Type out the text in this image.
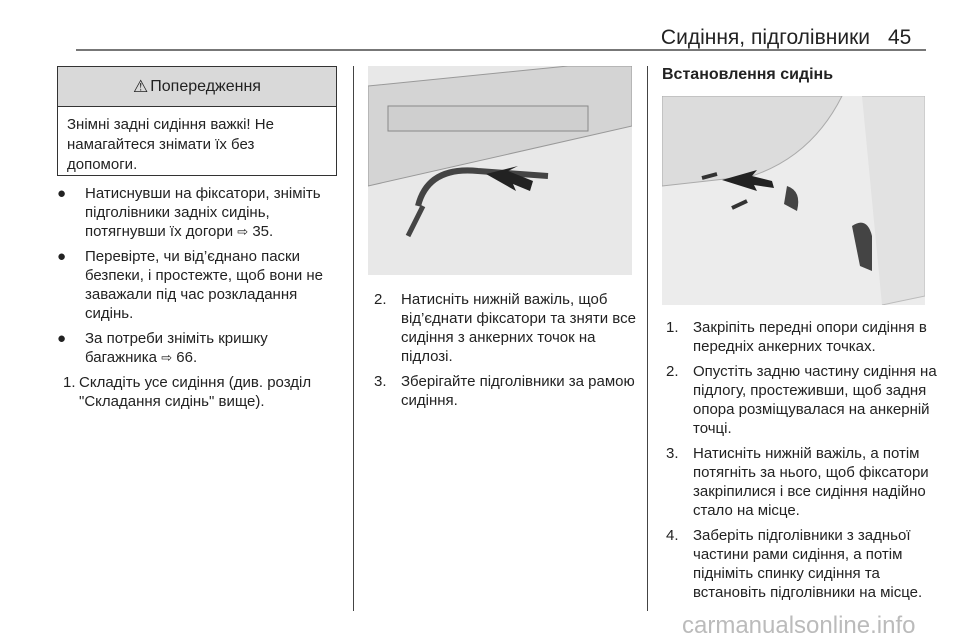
Сидіння, підголівники 45
⚠ Попередження
Знімні задні сидіння важкі! Не намагайтеся знімати їх без допомоги.
● Натиснувши на фіксатори, зніміть підголівники задніх сидінь, потягнувши їх догори ⇨ 35.
● Перевірте, чи від’єднано паски безпеки, і простежте, щоб вони не заважали під час розкладання сидінь.
● За потреби зніміть кришку багажника ⇨ 66.
1. Складіть усе сидіння (див. розділ "Складання сидінь" вище).
2. Натисніть нижній важіль, щоб від’єднати фіксатори та зняти все сидіння з анкерних точок на підлозі.
3. Зберігайте підголівники за рамою сидіння.
Встановлення сидінь
1. Закріпіть передні опори сидіння в передніх анкерних точках.
2. Опустіть задню частину сидіння на підлогу, простеживши, щоб задня опора розміщувалася на анкерній точці.
3. Натисніть нижній важіль, а потім потягніть за нього, щоб фіксатори закріпилися і все сидіння надійно стало на місце.
4. Заберіть підголівники з задньої частини рами сидіння, а потім підніміть спинку сидіння та встановіть підголівники на місце.
carmanualsonline.info
